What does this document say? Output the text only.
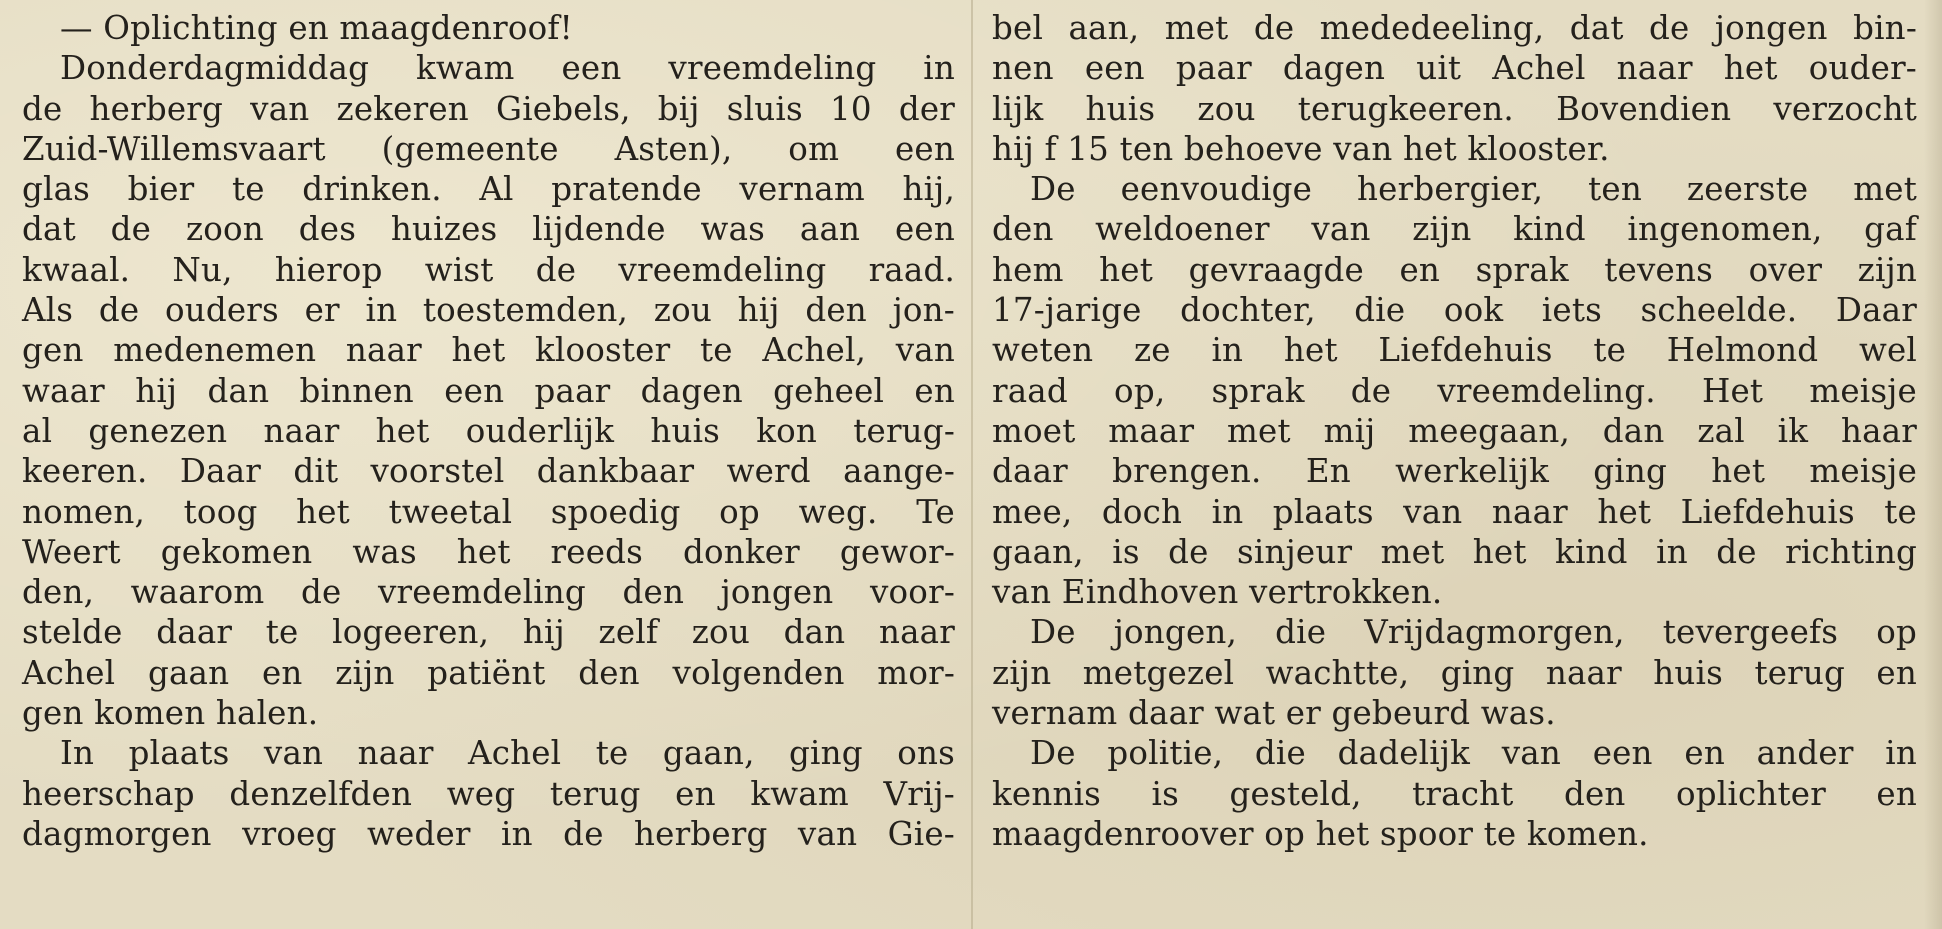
— Oplichting en maagdenroof!
Donderdagmiddag kwam een vreemdeling in
de herberg van zekeren Giebels, bij sluis 10 der
Zuid-Willemsvaart (gemeente Asten), om een
glas bier te drinken. Al pratende vernam hij,
dat de zoon des huizes lijdende was aan een
kwaal. Nu, hierop wist de vreemdeling raad.
Als de ouders er in toestemden, zou hij den jon-
gen medenemen naar het klooster te Achel, van
waar hij dan binnen een paar dagen geheel en
al genezen naar het ouderlijk huis kon terug-
keeren. Daar dit voorstel dankbaar werd aange-
nomen, toog het tweetal spoedig op weg. Te
Weert gekomen was het reeds donker gewor-
den, waarom de vreemdeling den jongen voor-
stelde daar te logeeren, hij zelf zou dan naar
Achel gaan en zijn patiënt den volgenden mor-
gen komen halen.
In plaats van naar Achel te gaan, ging ons
heerschap denzelfden weg terug en kwam Vrij-
dagmorgen vroeg weder in de herberg van Gie-
bel aan, met de mededeeling, dat de jongen bin-
nen een paar dagen uit Achel naar het ouder-
lijk huis zou terugkeeren. Bovendien verzocht
hij f 15 ten behoeve van het klooster.
De eenvoudige herbergier, ten zeerste met
den weldoener van zijn kind ingenomen, gaf
hem het gevraagde en sprak tevens over zijn
17-jarige dochter, die ook iets scheelde. Daar
weten ze in het Liefdehuis te Helmond wel
raad op, sprak de vreemdeling. Het meisje
moet maar met mij meegaan, dan zal ik haar
daar brengen. En werkelijk ging het meisje
mee, doch in plaats van naar het Liefdehuis te
gaan, is de sinjeur met het kind in de richting
van Eindhoven vertrokken.
De jongen, die Vrijdagmorgen, tevergeefs op
zijn metgezel wachtte, ging naar huis terug en
vernam daar wat er gebeurd was.
De politie, die dadelijk van een en ander in
kennis is gesteld, tracht den oplichter en
maagdenroover op het spoor te komen.
